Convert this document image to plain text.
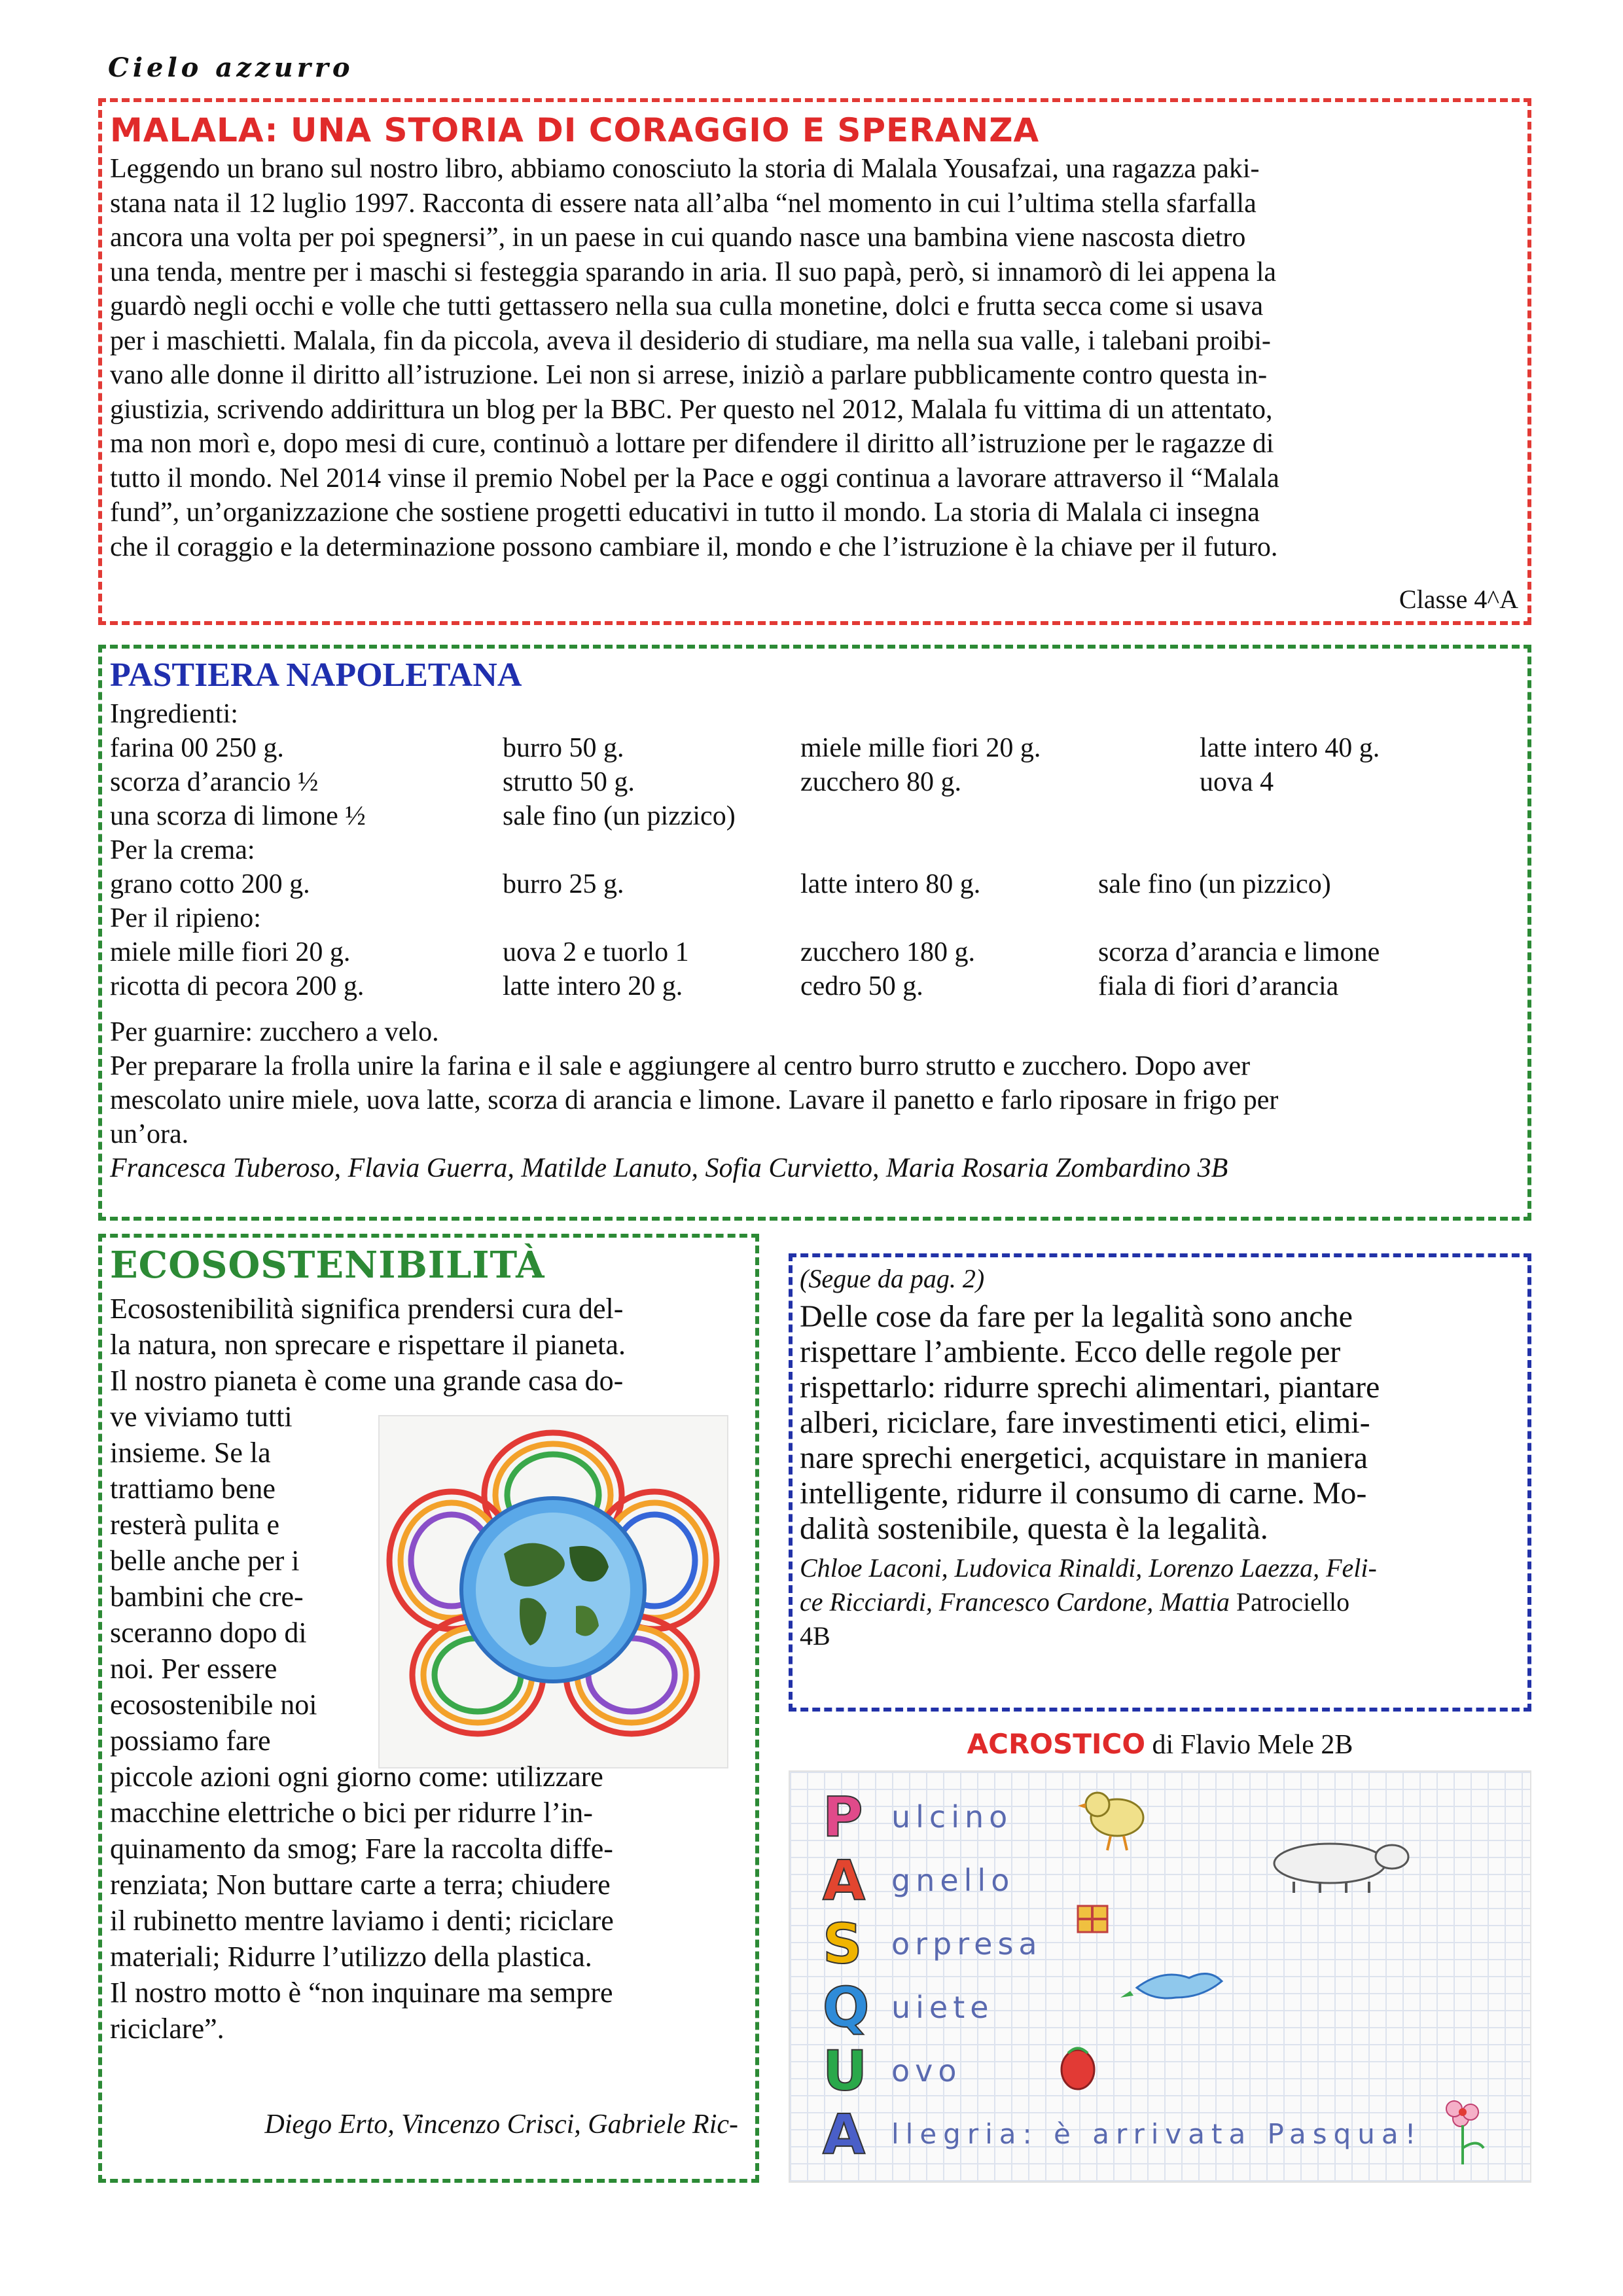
Cielo azzurro
MALALA: UNA STORIA DI CORAGGIO E SPERANZA
Leggendo un brano sul nostro libro, abbiamo conosciuto la storia di Malala Yousafzai, una ragazza paki-
stana nata il 12 luglio 1997. Racconta di essere nata all’alba “nel momento in cui l’ultima stella sfarfalla
ancora una volta per poi spegnersi”, in un paese in cui quando nasce una bambina viene nascosta dietro
una tenda, mentre per i maschi si festeggia sparando in aria. Il suo papà, però, si innamorò di lei appena la
guardò negli occhi e volle che tutti gettassero nella sua culla monetine, dolci e frutta secca come si usava
per i maschietti. Malala, fin da piccola, aveva il desiderio di studiare, ma nella sua valle, i talebani proibi-
vano alle donne il diritto all’istruzione. Lei non si arrese, iniziò a parlare pubblicamente contro questa in-
giustizia, scrivendo addirittura un blog per la BBC. Per questo nel 2012, Malala fu vittima di un attentato,
ma non morì e, dopo mesi di cure, continuò a lottare per difendere il diritto all’istruzione per le ragazze di
tutto il mondo. Nel 2014 vinse il premio Nobel per la Pace e oggi continua a lavorare attraverso il “Malala
fund”, un’organizzazione che sostiene progetti educativi in tutto il mondo. La storia di Malala ci insegna
che il coraggio e la determinazione possono cambiare il, mondo e che l’istruzione è la chiave per il futuro.
Classe 4^A
PASTIERA NAPOLETANA
Ingredienti:
farina 00 250 g.	burro 50 g.	miele mille fiori 20 g.	latte intero 40 g.
scorza d’arancio ½	strutto 50 g.	zucchero 80 g.	uova 4
una scorza di limone ½	sale fino (un pizzico)
Per la crema:
grano cotto 200 g.	burro 25 g.	latte intero 80 g.	sale fino (un pizzico)
Per il ripieno:
miele mille fiori 20 g.	uova 2 e tuorlo 1	zucchero 180 g.	scorza d’arancia e limone
ricotta di pecora 200 g.	latte intero 20 g.	cedro 50 g.	fiala di fiori d’arancia
Per guarnire: zucchero a velo.
Per preparare la frolla unire la farina e il sale e aggiungere al centro burro strutto e zucchero. Dopo aver
mescolato unire miele, uova latte, scorza di arancia e limone. Lavare il panetto e farlo riposare in frigo per
un’ora.
Francesca Tuberoso, Flavia Guerra, Matilde Lanuto, Sofia Curvietto, Maria Rosaria Zombardino 3B
ECOSOSTENIBILITÀ
Ecosostenibilità significa prendersi cura del-
la natura, non sprecare e rispettare il pianeta.
Il nostro pianeta è come una grande casa do-
ve viviamo tutti
insieme. Se la
trattiamo bene
resterà pulita e
belle anche per i
bambini che cre-
sceranno dopo di
noi. Per essere
ecosostenibile noi
possiamo fare
piccole azioni ogni giorno come: utilizzare
macchine elettriche o bici per ridurre l’in-
quinamento da smog; Fare la raccolta diffe-
renziata; Non buttare carte a terra; chiudere
il rubinetto mentre laviamo i denti; riciclare
materiali; Ridurre l’utilizzo della plastica.
Il nostro motto è “non inquinare ma sempre
riciclare”.
Diego Erto, Vincenzo Crisci, Gabriele Ric-
(Segue da pag. 2)
Delle cose da fare per la legalità sono anche
rispettare l’ambiente. Ecco delle regole per
rispettarlo: ridurre sprechi alimentari, piantare
alberi, riciclare, fare investimenti etici, elimi-
nare sprechi energetici, acquistare in maniera
intelligente, ridurre il consumo di carne. Mo-
dalità sostenibile, questa è la legalità.
Chloe Laconi, Ludovica Rinaldi, Lorenzo Laezza, Feli-
ce Ricciardi, Francesco Cardone, Mattia Patrociello
4B
ACROSTICO di Flavio Mele 2B
P ulcino
A gnello
S orpresa
Q uiete
U ovo
A llegria: è arrivata Pasqua!
